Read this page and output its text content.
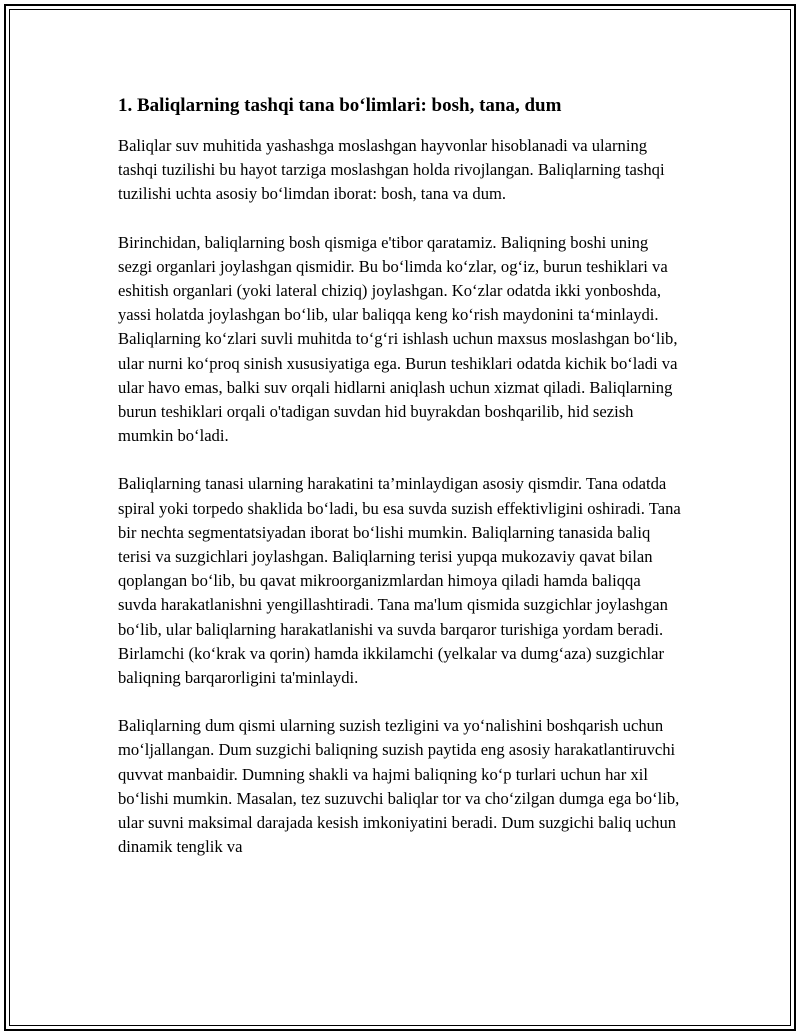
1. Baliqlarning tashqi tana bo‘limlari: bosh, tana, dum

Baliqlar suv muhitida yashashga moslashgan hayvonlar hisoblanadi va ularning tashqi tuzilishi bu hayot tarziga moslashgan holda rivojlangan. Baliqlarning tashqi tuzilishi uchta asosiy bo‘limdan iborat: bosh, tana va dum.

Birinchidan, baliqlarning bosh qismiga e'tibor qaratamiz. Baliqning boshi uning sezgi organlari joylashgan qismidir. Bu bo‘limda ko‘zlar, og‘iz, burun teshiklari va eshitish organlari (yoki lateral chiziq) joylashgan. Ko‘zlar odatda ikki yonboshda, yassi holatda joylashgan bo‘lib, ular baliqqa keng ko‘rish maydonini ta‘minlaydi. Baliqlarning ko‘zlari suvli muhitda to‘g‘ri ishlash uchun maxsus moslashgan bo‘lib, ular nurni ko‘proq sinish xususiyatiga ega. Burun teshiklari odatda kichik bo‘ladi va ular havo emas, balki suv orqali hidlarni aniqlash uchun xizmat qiladi. Baliqlarning burun teshiklari orqali o'tadigan suvdan hid buyrakdan boshqarilib, hid sezish mumkin bo‘ladi.

Baliqlarning tanasi ularning harakatini ta’minlaydigan asosiy qismdir. Tana odatda spiral yoki torpedo shaklida bo‘ladi, bu esa suvda suzish effektivligini oshiradi. Tana bir nechta segmentatsiyadan iborat bo‘lishi mumkin. Baliqlarning tanasida baliq terisi va suzgichlari joylashgan. Baliqlarning terisi yupqa mukozaviy qavat bilan qoplangan bo‘lib, bu qavat mikroorganizmlardan himoya qiladi hamda baliqqa suvda harakatlanishni yengillashtiradi. Tana ma'lum qismida suzgichlar joylashgan bo‘lib, ular baliqlarning harakatlanishi va suvda barqaror turishiga yordam beradi. Birlamchi (ko‘krak va qorin) hamda ikkilamchi (yelkalar va dumg‘aza) suzgichlar baliqning barqarorligini ta'minlaydi.

Baliqlarning dum qismi ularning suzish tezligini va yo‘nalishini boshqarish uchun mo‘ljallangan. Dum suzgichi baliqning suzish paytida eng asosiy harakatlantiruvchi quvvat manbaidir. Dumning shakli va hajmi baliqning ko‘p turlari uchun har xil bo‘lishi mumkin. Masalan, tez suzuvchi baliqlar tor va cho‘zilgan dumga ega bo‘lib, ular suvni maksimal darajada kesish imkoniyatini beradi. Dum suzgichi baliq uchun dinamik tenglik va
